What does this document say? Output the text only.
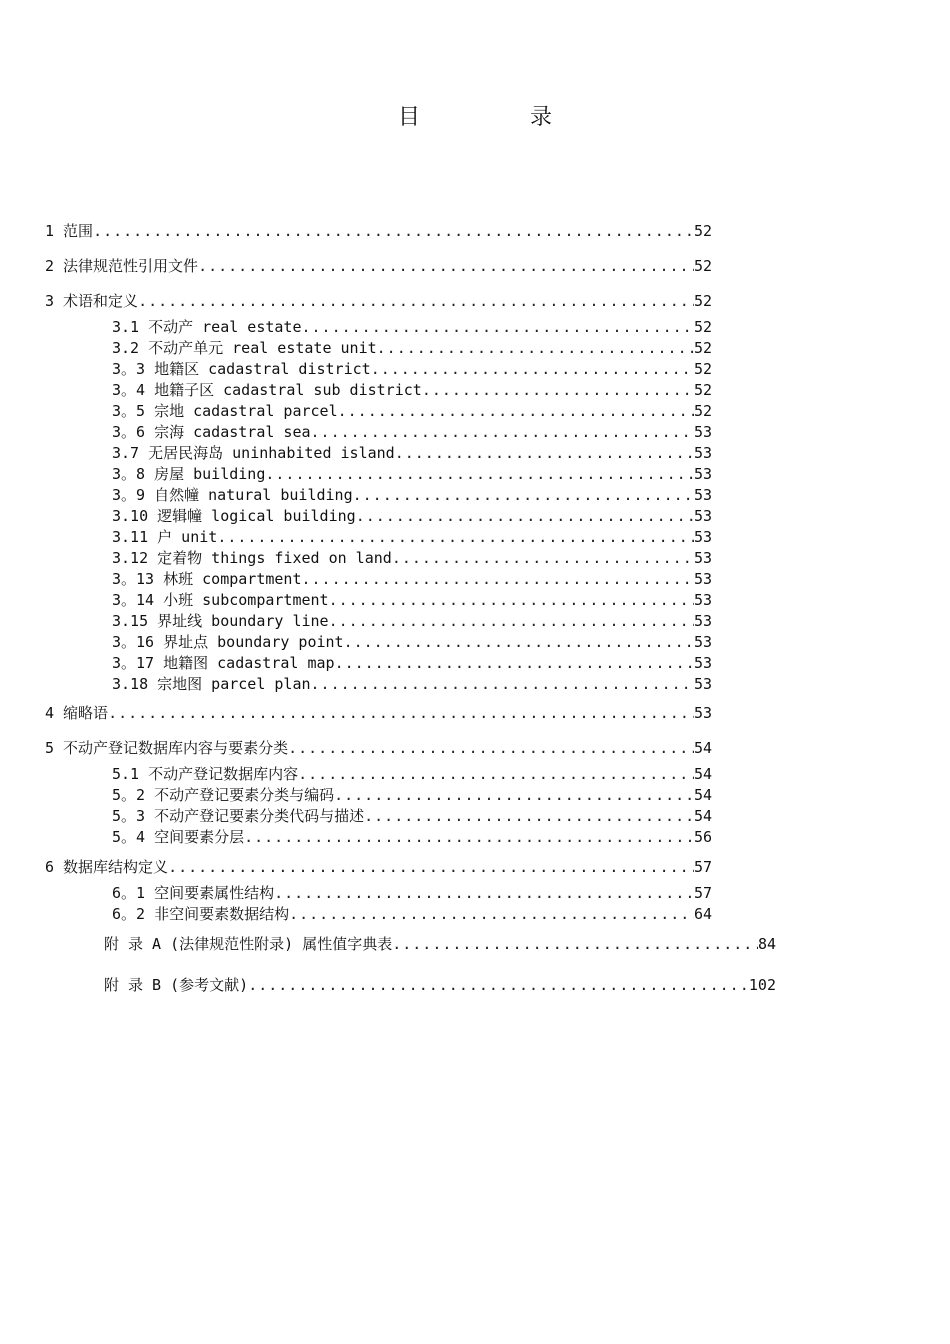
目	录
1 范围 .....	52
2 法律规范性引用文件 .....	52
3 术语和定义 .....	52
3.1 不动产 real estate .....	52
3.2 不动产单元 real estate unit .....	52
3。3 地籍区 cadastral district .....	52
3。4 地籍子区 cadastral sub district .....	52
3。5 宗地 cadastral parcel .....	52
3。6 宗海 cadastral sea .....	53
3.7 无居民海岛 uninhabited island .....	53
3。8 房屋 building .....	53
3。9 自然幢 natural building .....	53
3.10 逻辑幢 logical building .....	53
3.11 户 unit .....	53
3.12 定着物 things fixed on land .....	53
3。13 林班 compartment .....	53
3。14 小班 subcompartment .....	53
3.15 界址线 boundary line .....	53
3。16 界址点 boundary point .....	53
3。17 地籍图 cadastral map .....	53
3.18 宗地图 parcel plan .....	53
4 缩略语 .....	53
5 不动产登记数据库内容与要素分类 .....	54
5.1 不动产登记数据库内容 .....	54
5。2 不动产登记要素分类与编码 .....	54
5。3 不动产登记要素分类代码与描述 .....	54
5。4 空间要素分层 .....	56
6 数据库结构定义 .....	57
6。1 空间要素属性结构 .....	57
6。2 非空间要素数据结构 .....	64
附 录 A (法律规范性附录) 属性值字典表 .....	84
附 录 B (参考文献) .....	102
